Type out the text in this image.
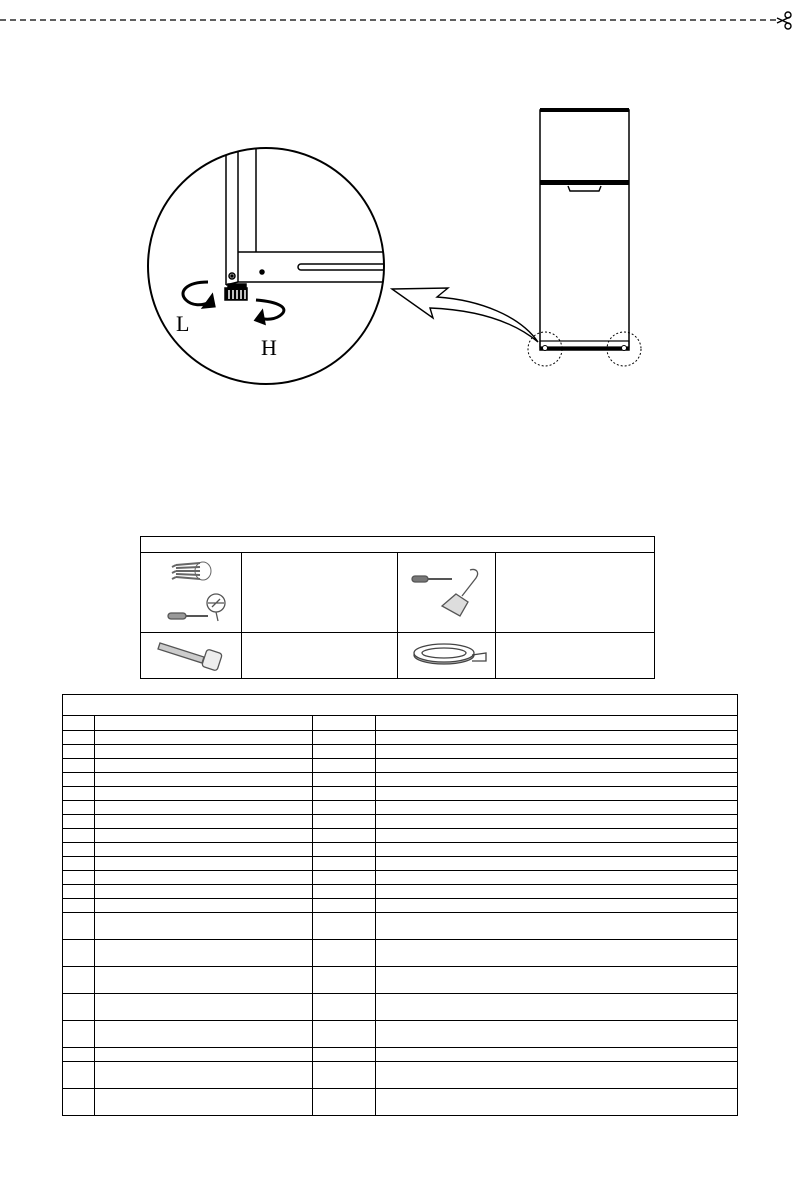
L
H
